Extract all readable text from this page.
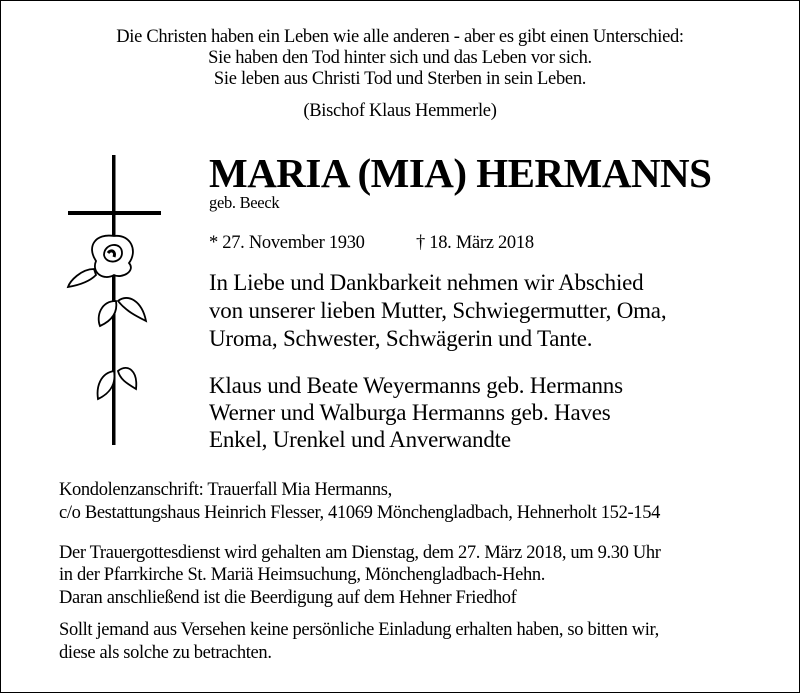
Die Christen haben ein Leben wie alle anderen - aber es gibt einen Unterschied:
Sie haben den Tod hinter sich und das Leben vor sich.
Sie leben aus Christi Tod und Sterben in sein Leben.
(Bischof Klaus Hemmerle)
MARIA (MIA) HERMANNS
geb. Beeck
* 27. November 1930	† 18. März 2018
In Liebe und Dankbarkeit nehmen wir Abschied
von unserer lieben Mutter, Schwiegermutter, Oma,
Uroma, Schwester, Schwägerin und Tante.
Klaus und Beate Weyermanns geb. Hermanns
Werner und Walburga Hermanns geb. Haves
Enkel, Urenkel und Anverwandte
Kondolenzanschrift: Trauerfall Mia Hermanns,
c/o Bestattungshaus Heinrich Flesser, 41069 Mönchengladbach, Hehnerholt 152-154
Der Trauergottesdienst wird gehalten am Dienstag, dem 27. März 2018, um 9.30 Uhr
in der Pfarrkirche St. Mariä Heimsuchung, Mönchengladbach-Hehn.
Daran anschließend ist die Beerdigung auf dem Hehner Friedhof
Sollt jemand aus Versehen keine persönliche Einladung erhalten haben, so bitten wir,
diese als solche zu betrachten.
